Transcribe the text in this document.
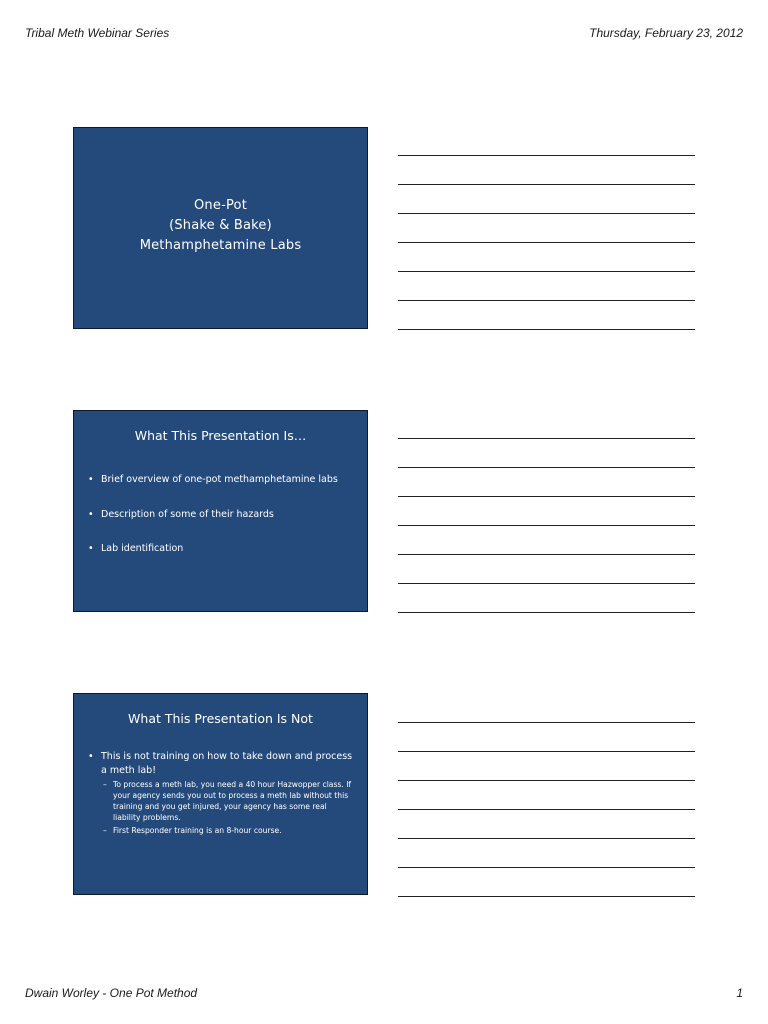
Tribal Meth Webinar Series	Thursday, February 23, 2012
One-Pot
(Shake & Bake)
Methamphetamine Labs
What This Presentation Is…
• Brief overview of one-pot methamphetamine labs
• Description of some of their hazards
• Lab identification
What This Presentation Is Not
• This is not training on how to take down and process a meth lab!
– To process a meth lab, you need a 40 hour Hazwopper class. If your agency sends you out to process a meth lab without this training and you get injured, your agency has some real liability problems.
– First Responder training is an 8-hour course.
Dwain Worley - One Pot Method	1
